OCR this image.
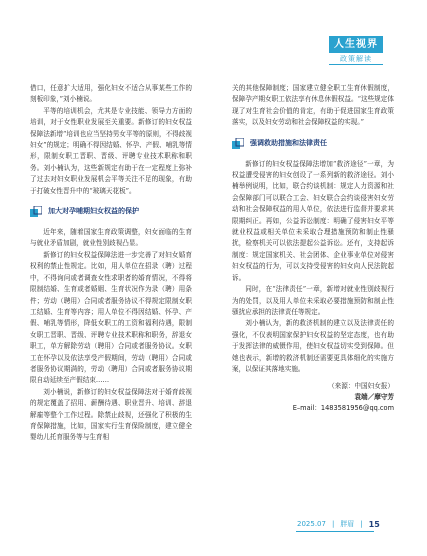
人生视界
政策解读

借口，任意扩大适用，强化妇女不适合从事某些工作的刻板印象，”刘小楠说。

平等的培训机会，尤其是专业技能、领导力方面的培训，对于女性职业发展至关重要。新修订的妇女权益保障法新增“培训也应当坚持男女平等的原则，不得歧视妇女”的规定；明确不得因结婚、怀孕、产假、哺乳等情形，限制女职工晋职、晋级、评聘专业技术职称和职务。刘小楠认为，这些新规定有助于在一定程度上弥补了过去对妇女职业发展机会平等关注不足的现象，有助于打破女性晋升中的“玻璃天花板”。

加大对孕哺期妇女权益的保护

近年来，随着国家生育政策调整，妇女面临的生育与就业矛盾加剧，就业性别歧视凸显。

新修订的妇女权益保障法进一步完善了对妇女婚育权利的禁止性规定。比如，用人单位在招录（聘）过程中，不得询问或者调查女性求职者的婚育情况，不得将限制结婚、生育或者婚姻、生育状况作为录（聘）用条件；劳动（聘用）合同或者服务协议不得规定限制女职工结婚、生育等内容；用人单位不得因结婚、怀孕、产假、哺乳等情形，降低女职工的工资和福利待遇，限制女职工晋职、晋级、评聘专业技术职称和职务，辞退女职工，单方解除劳动（聘用）合同或者服务协议。女职工在怀孕以及依法享受产假期间，劳动（聘用）合同或者服务协议期满的，劳动（聘用）合同或者服务协议期限自动延续至产假结束……

刘小楠说，新修订的妇女权益保障法对于婚育歧视的规定覆盖了招用、薪酬待遇、职业晋升、培训、辞退解雇等整个工作过程。除禁止歧视，还强化了积极的生育保障措施，比如，国家实行生育保险制度，建立健全婴幼儿托育服务等与生育相

关的其他保障制度；国家建立健全职工生育休假制度，保障孕产期女职工依法享有休息休假权益。“这些规定体现了对生育社会价值的肯定，有助于促进国家生育政策落实，以及妇女劳动和社会保障权益的实现。”

强调救助措施和法律责任

新修订的妇女权益保障法增加“救济途径”一章，为权益遭受侵害的妇女创设了一系列新的救济途径。刘小楠举例说明，比如，联合约谈机制：规定人力资源和社会保障部门可以联合工会、妇女联合会约谈侵害妇女劳动和社会保障权益的用人单位，依法进行监督并要求其限期纠正。再如，公益诉讼制度：明确了侵害妇女平等就业权益或相关单位未采取合理措施预防和制止性骚扰，检察机关可以依法提起公益诉讼。还有，支持起诉制度：规定国家机关、社会团体、企业事业单位对侵害妇女权益的行为，可以支持受侵害的妇女向人民法院起诉。

同时，在“法律责任”一章，新增对就业性别歧视行为的处罚，以及用人单位未采取必要措施预防和制止性骚扰应承担的法律责任等规定。

刘小楠认为，新的救济机制的建立以及法律责任的强化，不仅表明国家保护妇女权益的坚定态度，也有助于发挥法律的威慑作用，使妇女权益切实受到保障。但她也表示，新增的救济机制还需要更具体细化的实施方案，以保证其落地实施。

（来源：中国妇女报）
袁端／摩守芳
E–mail：1483581956@qq.com
2025.07 | 胖眉 | 15
